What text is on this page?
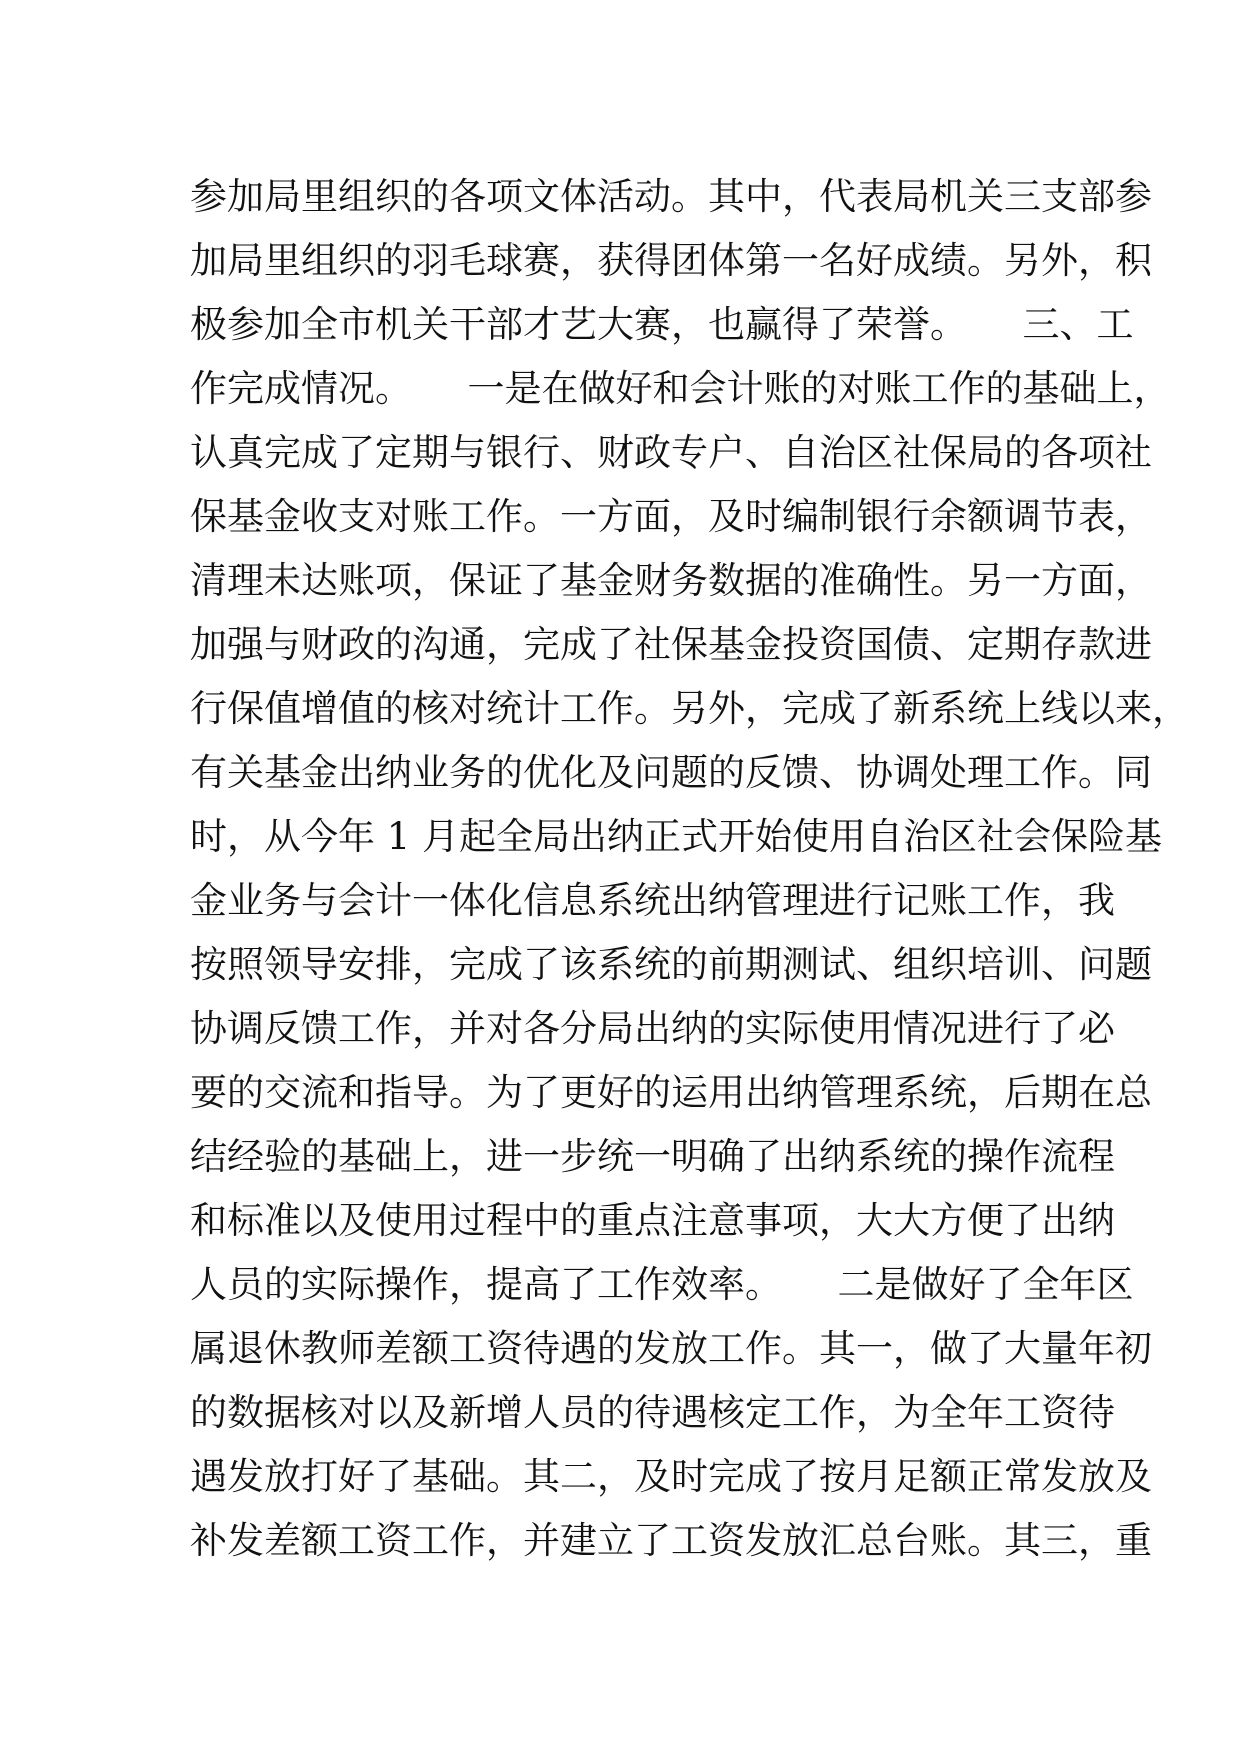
参加局里组织的各项文体活动。其中，代表局机关三支部参
加局里组织的羽毛球赛，获得团体第一名好成绩。另外，积
极参加全市机关干部才艺大赛，也赢得了荣誉。　　三、工
作完成情况。　　一是在做好和会计账的对账工作的基础上，
认真完成了定期与银行、财政专户、自治区社保局的各项社
保基金收支对账工作。一方面，及时编制银行余额调节表，
清理未达账项，保证了基金财务数据的准确性。另一方面，
加强与财政的沟通，完成了社保基金投资国债、定期存款进
行保值增值的核对统计工作。另外，完成了新系统上线以来，
有关基金出纳业务的优化及问题的反馈、协调处理工作。同
时，从今年 1 月起全局出纳正式开始使用自治区社会保险基
金业务与会计一体化信息系统出纳管理进行记账工作，我
按照领导安排，完成了该系统的前期测试、组织培训、问题
协调反馈工作，并对各分局出纳的实际使用情况进行了必
要的交流和指导。为了更好的运用出纳管理系统，后期在总
结经验的基础上，进一步统一明确了出纳系统的操作流程
和标准以及使用过程中的重点注意事项，大大方便了出纳
人员的实际操作，提高了工作效率。　　二是做好了全年区
属退休教师差额工资待遇的发放工作。其一，做了大量年初
的数据核对以及新增人员的待遇核定工作，为全年工资待
遇发放打好了基础。其二，及时完成了按月足额正常发放及
补发差额工资工作，并建立了工资发放汇总台账。其三，重
